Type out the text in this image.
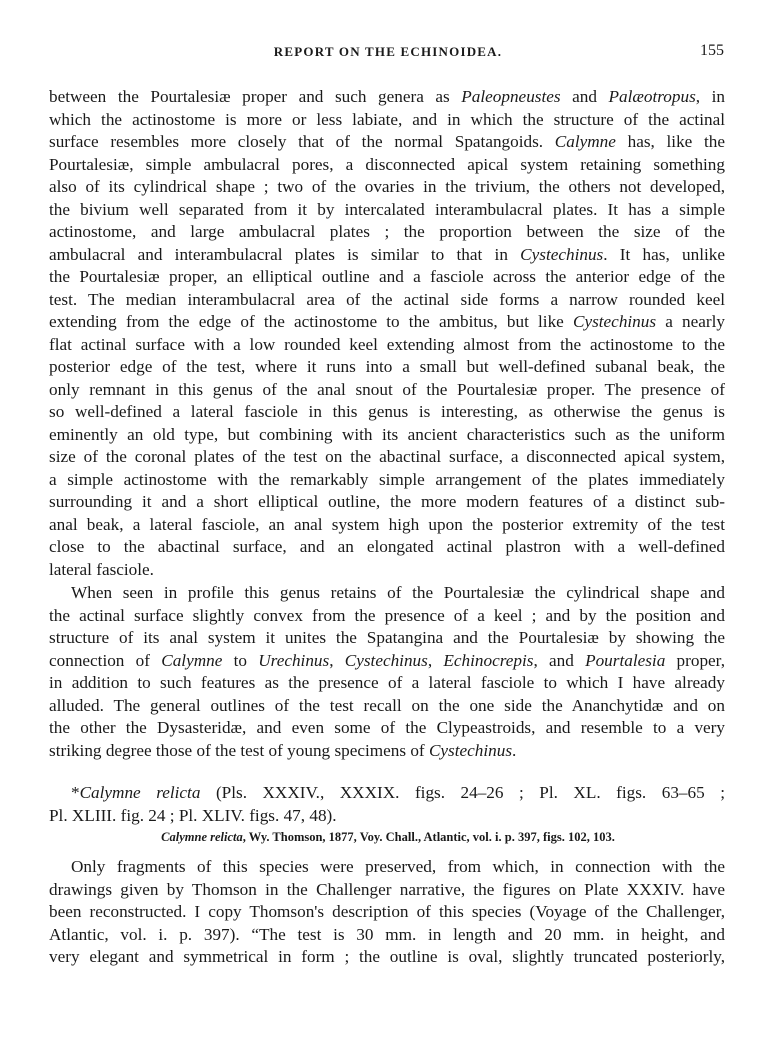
REPORT ON THE ECHINOIDEA.	155
between the Pourtalesiæ proper and such genera as Paleopneustes and Palæotropus, in
which the actinostome is more or less labiate, and in which the structure of the actinal
surface resembles more closely that of the normal Spatangoids. Calymne has, like the
Pourtalesiæ, simple ambulacral pores, a disconnected apical system retaining something
also of its cylindrical shape ; two of the ovaries in the trivium, the others not developed,
the bivium well separated from it by intercalated interambulacral plates. It has a simple
actinostome, and large ambulacral plates ; the proportion between the size of the
ambulacral and interambulacral plates is similar to that in Cystechinus. It has, unlike
the Pourtalesiæ proper, an elliptical outline and a fasciole across the anterior edge of the
test. The median interambulacral area of the actinal side forms a narrow rounded keel
extending from the edge of the actinostome to the ambitus, but like Cystechinus a nearly
flat actinal surface with a low rounded keel extending almost from the actinostome to the
posterior edge of the test, where it runs into a small but well-defined subanal beak, the
only remnant in this genus of the anal snout of the Pourtalesiæ proper. The presence of
so well-defined a lateral fasciole in this genus is interesting, as otherwise the genus is
eminently an old type, but combining with its ancient characteristics such as the uniform
size of the coronal plates of the test on the abactinal surface, a disconnected apical system,
a simple actinostome with the remarkably simple arrangement of the plates immediately
surrounding it and a short elliptical outline, the more modern features of a distinct sub-
anal beak, a lateral fasciole, an anal system high upon the posterior extremity of the test
close to the abactinal surface, and an elongated actinal plastron with a well-defined
lateral fasciole.
When seen in profile this genus retains of the Pourtalesiæ the cylindrical shape and
the actinal surface slightly convex from the presence of a keel ; and by the position and
structure of its anal system it unites the Spatangina and the Pourtalesiæ by showing the
connection of Calymne to Urechinus, Cystechinus, Echinocrepis, and Pourtalesia proper,
in addition to such features as the presence of a lateral fasciole to which I have already
alluded. The general outlines of the test recall on the one side the Ananchytidæ and on
the other the Dysasteridæ, and even some of the Clypeastroids, and resemble to a very
striking degree those of the test of young specimens of Cystechinus.
*Calymne relicta (Pls. XXXIV., XXXIX. figs. 24–26 ; Pl. XL. figs. 63–65 ;
Pl. XLIII. fig. 24 ; Pl. XLIV. figs. 47, 48).
Calymne relicta, Wy. Thomson, 1877, Voy. Chall., Atlantic, vol. i. p. 397, figs. 102, 103.
Only fragments of this species were preserved, from which, in connection with the
drawings given by Thomson in the Challenger narrative, the figures on Plate XXXIV. have
been reconstructed. I copy Thomson's description of this species (Voyage of the Challenger,
Atlantic, vol. i. p. 397). “The test is 30 mm. in length and 20 mm. in height, and
very elegant and symmetrical in form ; the outline is oval, slightly truncated posteriorly,
